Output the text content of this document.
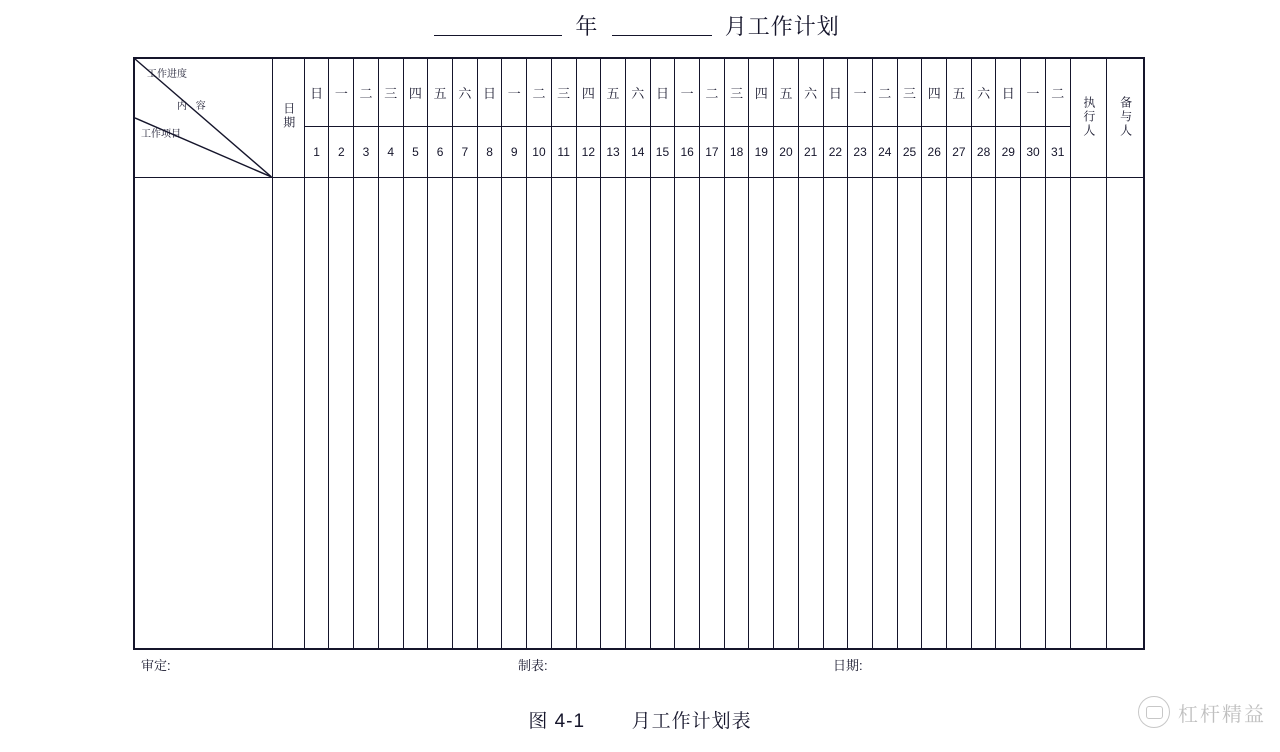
年	月工作计划
工作进度
内 容
工作项目	日期	日	一	二	三	四	五	六	日	一	二	三	四	五	六	日	一	二	三	四	五	六	日	一	二	三	四	五	六	日	一	二	执行人	备与人
		1	2	3	4	5	6	7	8	9	10	11	12	13	14	15	16	17	18	19	20	21	22	23	24	25	26	27	28	29	30	31		

审定:	制表:	日期:
图 4-1 月工作计划表	杠杆精益
